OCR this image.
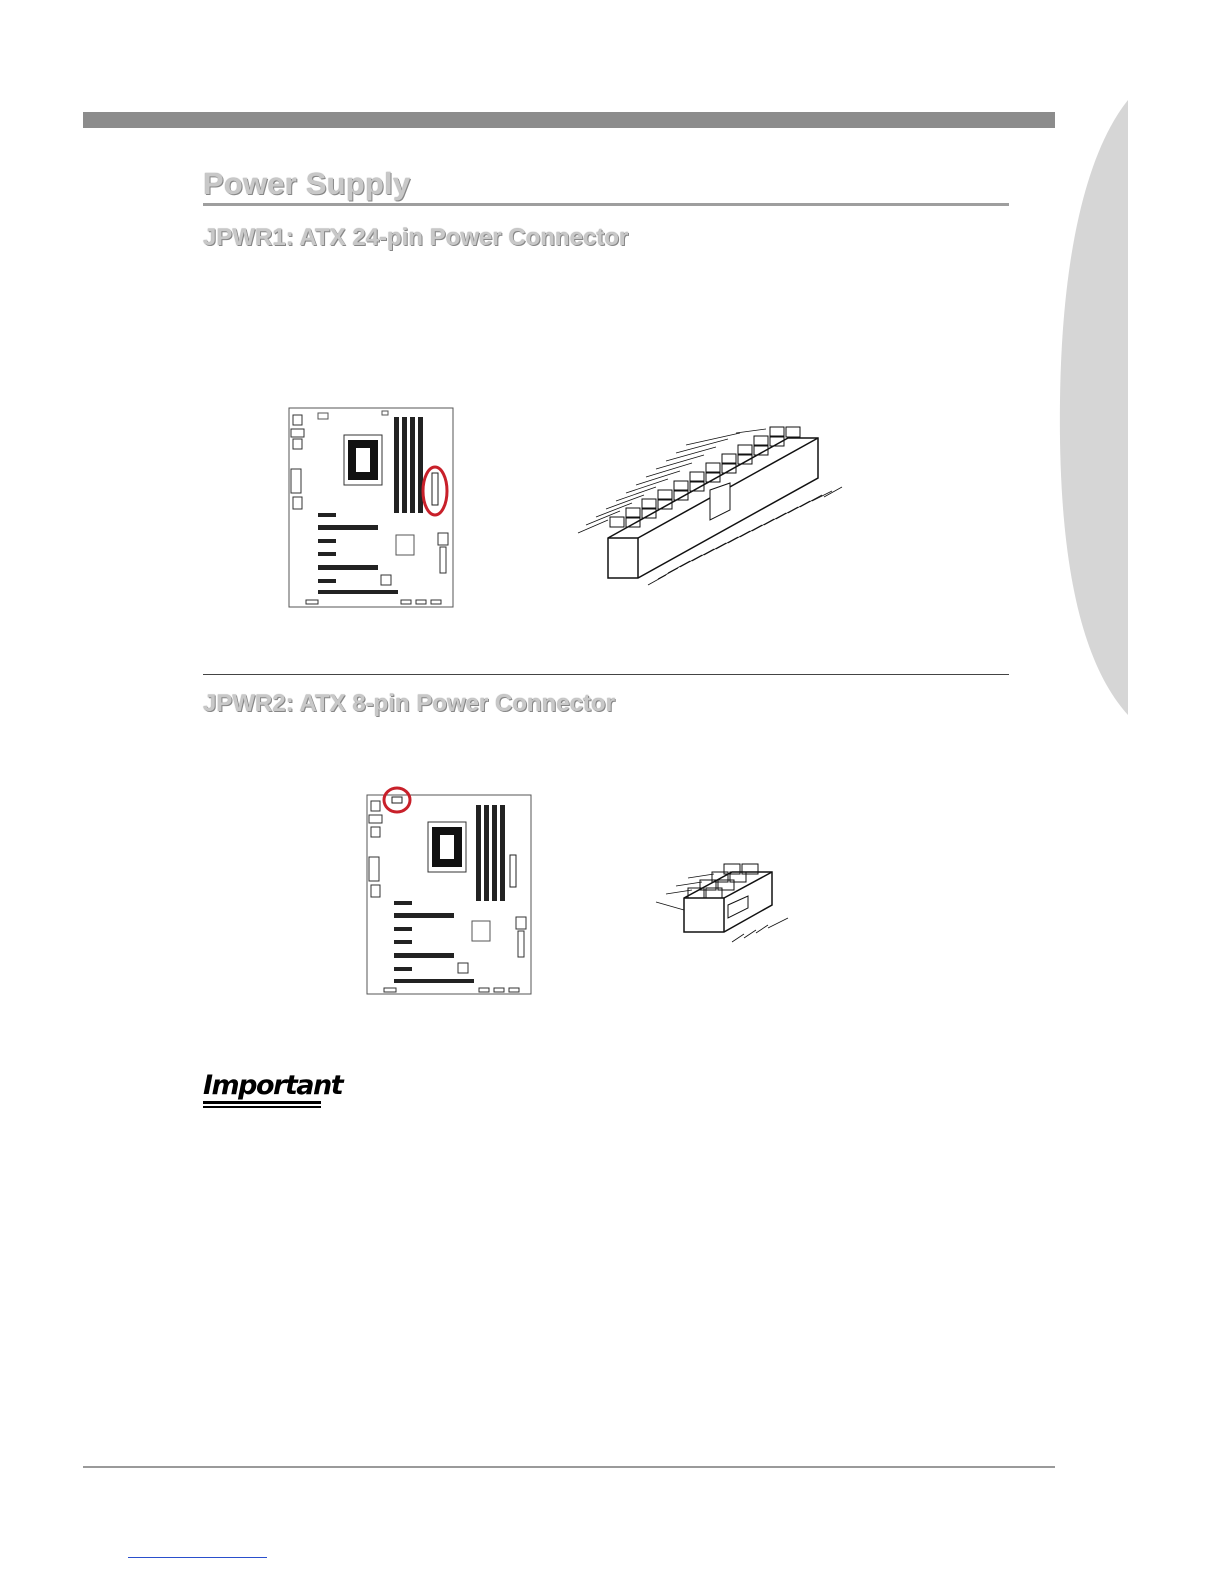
Power Supply
JPWR1: ATX 24-pin Power Connector
JPWR2: ATX 8-pin Power Connector
Important
